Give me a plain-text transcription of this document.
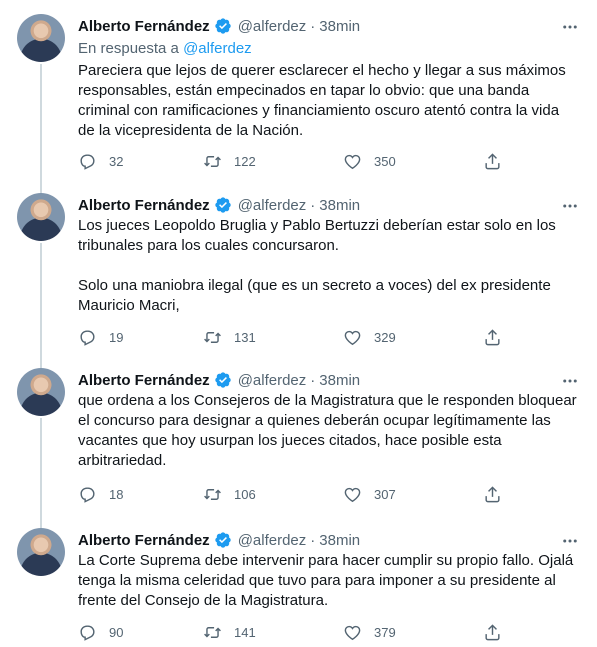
Alberto Fernández @alferdez · 38min
En respuesta a @alferdez
Pareciera que lejos de querer esclarecer el hecho y llegar a sus máximos responsables, están empecinados en tapar lo obvio: que una banda criminal con ramificaciones y financiamiento oscuro atentó contra la vida de la vicepresidenta de la Nación.
32	122	350
Alberto Fernández @alferdez · 38min
Los jueces Leopoldo Bruglia y Pablo Bertuzzi deberían estar solo en los tribunales para los cuales concursaron.

Solo una maniobra ilegal (que es un secreto a voces) del ex presidente Mauricio Macri,
19	131	329
Alberto Fernández @alferdez · 38min
que ordena a los Consejeros de la Magistratura que le responden bloquear el concurso para designar a quienes deberán ocupar legítimamente las vacantes que hoy usurpan los jueces citados, hace posible esta arbitrariedad.
18	106	307
Alberto Fernández @alferdez · 38min
La Corte Suprema debe intervenir para hacer cumplir su propio fallo. Ojalá tenga la misma celeridad que tuvo para para imponer a su presidente al frente del Consejo de la Magistratura.
90	141	379
